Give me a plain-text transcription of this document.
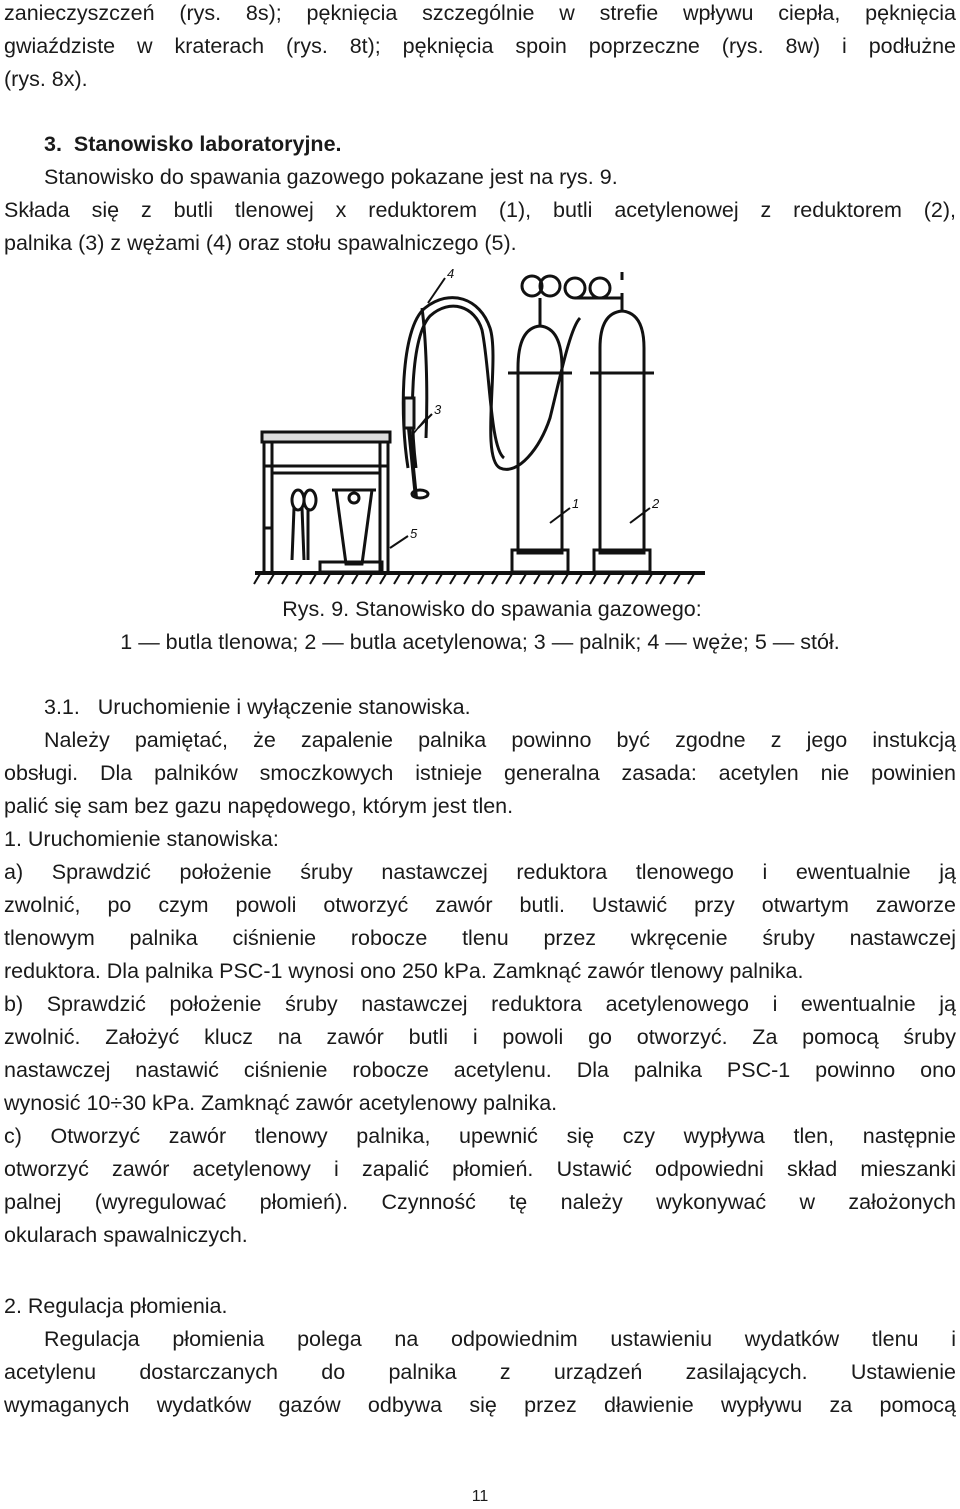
zanieczyszczeń (rys. 8s); pęknięcia szczególnie w strefie wpływu ciepła, pęknięcia
gwiaździste w kraterach (rys. 8t); pęknięcia spoin poprzeczne (rys. 8w) i podłużne
(rys. 8x).
3.  Stanowisko laboratoryjne.
Stanowisko do spawania gazowego pokazane jest na rys. 9.
Składa się z butli tlenowej x reduktorem (1), butli acetylenowej z reduktorem (2),
palnika (3) z wężami (4) oraz stołu spawalniczego (5).
4
3
5
1	2
Rys. 9. Stanowisko do spawania gazowego:
1 — butla tlenowa; 2 — butla acetylenowa; 3 — palnik; 4 — węże; 5 — stół.
3.1.   Uruchomienie i wyłączenie stanowiska.
Należy pamiętać, że zapalenie palnika powinno być zgodne z jego instukcją
obsługi. Dla palników smoczkowych istnieje generalna zasada: acetylen nie powinien
palić się sam bez gazu napędowego, którym jest tlen.
1. Uruchomienie stanowiska:
a) Sprawdzić położenie śruby nastawczej reduktora tlenowego i ewentualnie ją
zwolnić, po czym powoli otworzyć zawór butli. Ustawić przy otwartym zaworze
tlenowym palnika ciśnienie robocze tlenu przez wkręcenie śruby nastawczej
reduktora. Dla palnika PSC-1 wynosi ono 250 kPa. Zamknąć zawór tlenowy palnika.
b) Sprawdzić położenie śruby nastawczej reduktora acetylenowego i ewentualnie ją
zwolnić. Założyć klucz na zawór butli i powoli go otworzyć. Za pomocą śruby
nastawczej nastawić ciśnienie robocze acetylenu. Dla palnika PSC-1 powinno ono
wynosić 10÷30 kPa. Zamknąć zawór acetylenowy palnika.
c) Otworzyć zawór tlenowy palnika, upewnić się czy wypływa tlen, następnie
otworzyć zawór acetylenowy i zapalić płomień. Ustawić odpowiedni skład mieszanki
palnej (wyregulować płomień). Czynność tę należy wykonywać w założonych
okularach spawalniczych.
2. Regulacja płomienia.
Regulacja płomienia polega na odpowiednim ustawieniu wydatków tlenu i
acetylenu dostarczanych do palnika z urządzeń zasilających. Ustawienie
wymaganych wydatków gazów odbywa się przez dławienie wypływu za pomocą
11
